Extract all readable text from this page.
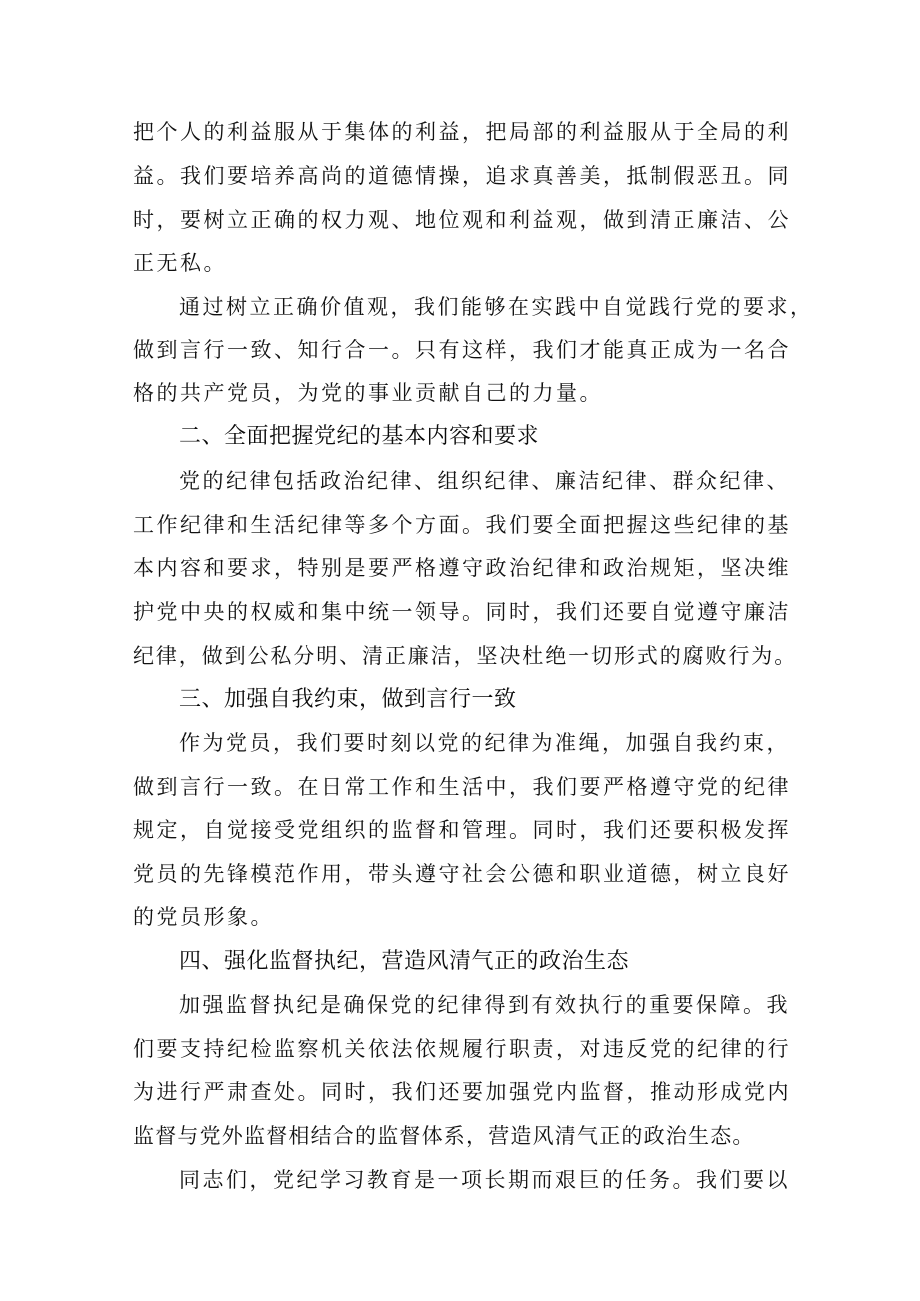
把个人的利益服从于集体的利益，把局部的利益服从于全局的利
益。我们要培养高尚的道德情操，追求真善美，抵制假恶丑。同
时，要树立正确的权力观、地位观和利益观，做到清正廉洁、公
正无私。
通过树立正确价值观，我们能够在实践中自觉践行党的要求，
做到言行一致、知行合一。只有这样，我们才能真正成为一名合
格的共产党员，为党的事业贡献自己的力量。
二、全面把握党纪的基本内容和要求
党的纪律包括政治纪律、组织纪律、廉洁纪律、群众纪律、
工作纪律和生活纪律等多个方面。我们要全面把握这些纪律的基
本内容和要求，特别是要严格遵守政治纪律和政治规矩，坚决维
护党中央的权威和集中统一领导。同时，我们还要自觉遵守廉洁
纪律，做到公私分明、清正廉洁，坚决杜绝一切形式的腐败行为。
三、加强自我约束，做到言行一致
作为党员，我们要时刻以党的纪律为准绳，加强自我约束，
做到言行一致。在日常工作和生活中，我们要严格遵守党的纪律
规定，自觉接受党组织的监督和管理。同时，我们还要积极发挥
党员的先锋模范作用，带头遵守社会公德和职业道德，树立良好
的党员形象。
四、强化监督执纪，营造风清气正的政治生态
加强监督执纪是确保党的纪律得到有效执行的重要保障。我
们要支持纪检监察机关依法依规履行职责，对违反党的纪律的行
为进行严肃查处。同时，我们还要加强党内监督，推动形成党内
监督与党外监督相结合的监督体系，营造风清气正的政治生态。
同志们，党纪学习教育是一项长期而艰巨的任务。我们要以
